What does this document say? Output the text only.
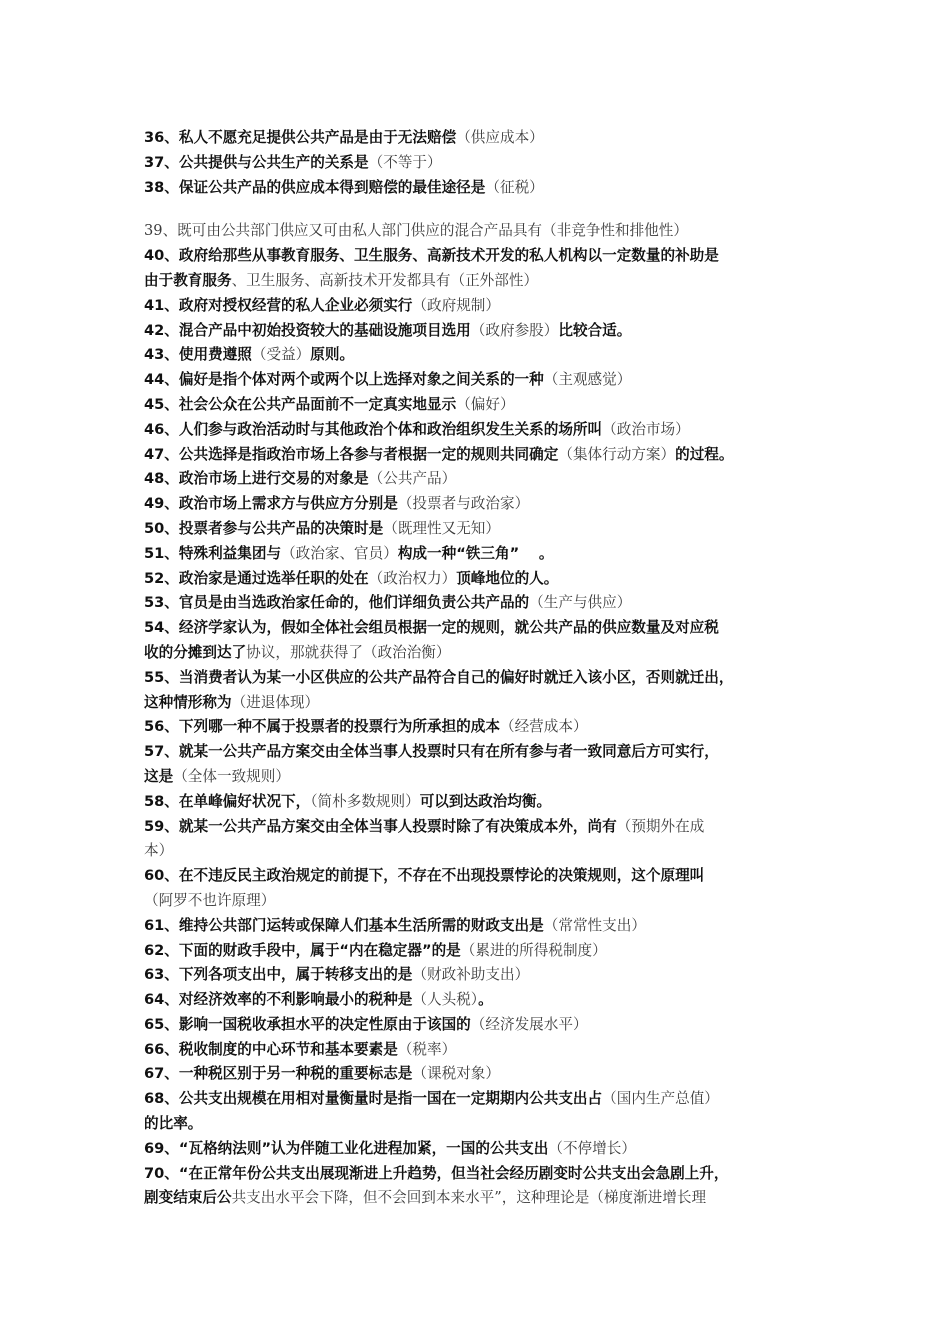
36、私人不愿充足提供公共产品是由于无法赔偿（供应成本）
37、公共提供与公共生产的关系是（不等于）
38、保证公共产品的供应成本得到赔偿的最佳途径是（征税）
39、既可由公共部门供应又可由私人部门供应的混合产品具有（非竞争性和排他性）
40、政府给那些从事教育服务、卫生服务、高新技术开发的私人机构以一定数量的补助是
由于教育服务、卫生服务、高新技术开发都具有（正外部性）
41、政府对授权经营的私人企业必须实行（政府规制）
42、混合产品中初始投资较大的基础设施项目选用（政府参股）比较合适。
43、使用费遵照（受益）原则。
44、偏好是指个体对两个或两个以上选择对象之间关系的一种（主观感觉）
45、社会公众在公共产品面前不一定真实地显示（偏好）
46、人们参与政治活动时与其他政治个体和政治组织发生关系的场所叫（政治市场）
47、公共选择是指政治市场上各参与者根据一定的规则共同确定（集体行动方案）的过程。
48、政治市场上进行交易的对象是（公共产品）
49、政治市场上需求方与供应方分别是（投票者与政治家）
50、投票者参与公共产品的决策时是（既理性又无知）
51、特殊利益集团与（政治家、官员）构成一种“铁三角”　 。
52、政治家是通过选举任职的处在（政治权力）顶峰地位的人。
53、官员是由当选政治家任命的，他们详细负责公共产品的（生产与供应）
54、经济学家认为，假如全体社会组员根据一定的规则，就公共产品的供应数量及对应税
收的分摊到达了协议，那就获得了（政治治衡）
55、当消费者认为某一小区供应的公共产品符合自己的偏好时就迁入该小区，否则就迁出，
这种情形称为（进退体现）
56、下列哪一种不属于投票者的投票行为所承担的成本（经营成本）
57、就某一公共产品方案交由全体当事人投票时只有在所有参与者一致同意后方可实行，
这是（全体一致规则）
58、在单峰偏好状况下，（简朴多数规则）可以到达政治均衡。
59、就某一公共产品方案交由全体当事人投票时除了有决策成本外，尚有（预期外在成
本）
60、在不违反民主政治规定的前提下，不存在不出现投票悖论的决策规则，这个原理叫
（阿罗不也许原理）
61、维持公共部门运转或保障人们基本生活所需的财政支出是（常常性支出）
62、下面的财政手段中，属于“内在稳定器”的是（累进的所得税制度）
63、下列各项支出中，属于转移支出的是（财政补助支出）
64、对经济效率的不利影响最小的税种是（人头税）。
65、影响一国税收承担水平的决定性原由于该国的（经济发展水平）
66、税收制度的中心环节和基本要素是（税率）
67、一种税区别于另一种税的重要标志是（课税对象）
68、公共支出规模在用相对量衡量时是指一国在一定期期内公共支出占（国内生产总值）
的比率。
69、“瓦格纳法则”认为伴随工业化进程加紧，一国的公共支出（不停增长）
70、“在正常年份公共支出展现渐进上升趋势，但当社会经历剧变时公共支出会急剧上升，
剧变结束后公共支出水平会下降，但不会回到本来水平”，这种理论是（梯度渐进增长理
